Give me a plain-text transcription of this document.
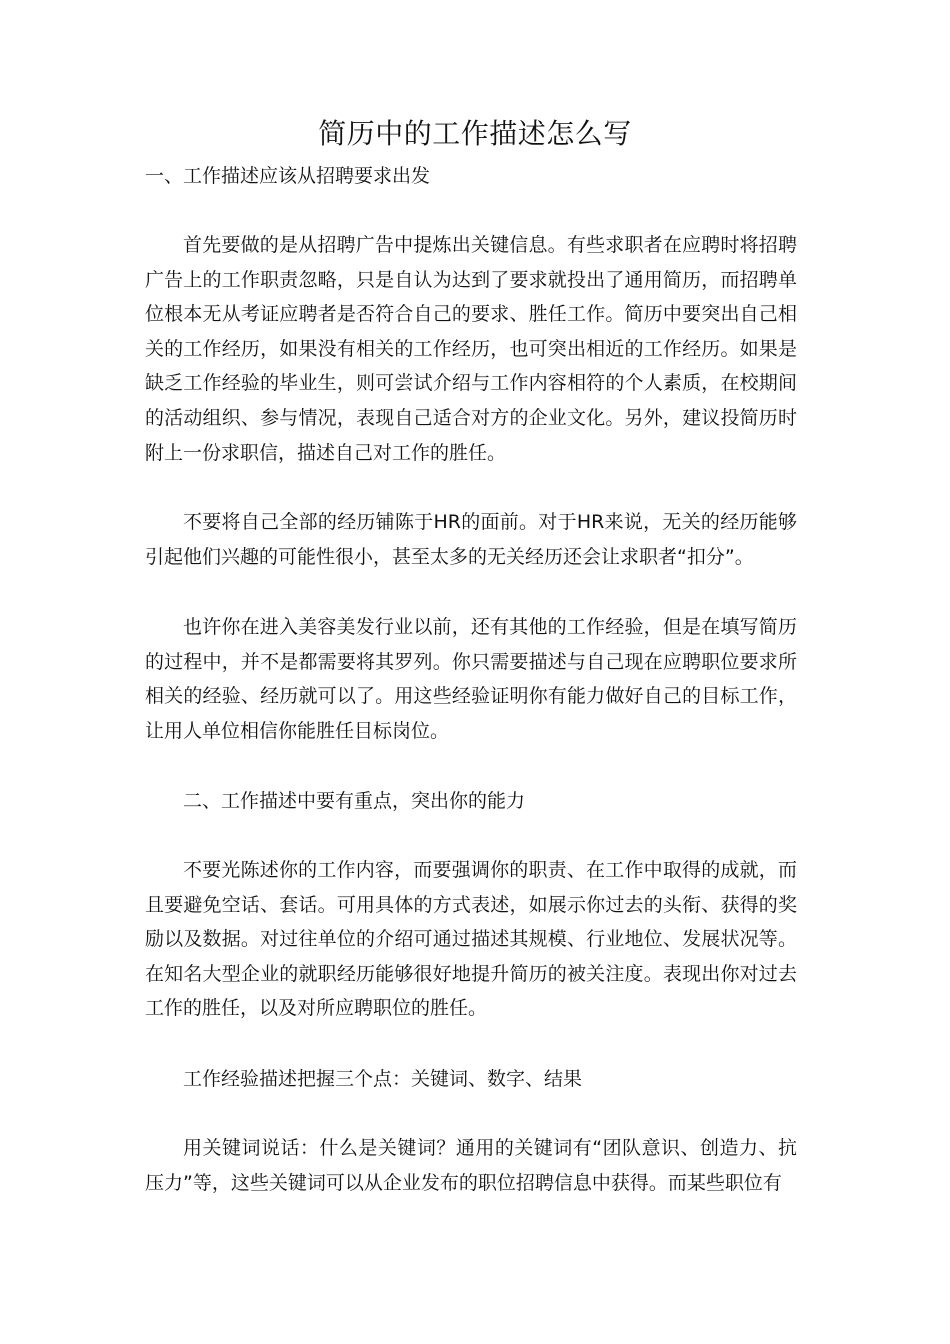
简历中的工作描述怎么写
一、工作描述应该从招聘要求出发
首先要做的是从招聘广告中提炼出关键信息。有些求职者在应聘时将招聘广告上的工作职责忽略，只是自认为达到了要求就投出了通用简历，而招聘单位根本无从考证应聘者是否符合自己的要求、胜任工作。简历中要突出自己相关的工作经历，如果没有相关的工作经历，也可突出相近的工作经历。如果是缺乏工作经验的毕业生，则可尝试介绍与工作内容相符的个人素质，在校期间的活动组织、参与情况，表现自己适合对方的企业文化。另外，建议投简历时附上一份求职信，描述自己对工作的胜任。
不要将自己全部的经历铺陈于HR的面前。对于HR来说，无关的经历能够引起他们兴趣的可能性很小，甚至太多的无关经历还会让求职者“扣分”。
也许你在进入美容美发行业以前，还有其他的工作经验，但是在填写简历的过程中，并不是都需要将其罗列。你只需要描述与自己现在应聘职位要求所相关的经验、经历就可以了。用这些经验证明你有能力做好自己的目标工作，让用人单位相信你能胜任目标岗位。
二、工作描述中要有重点，突出你的能力
不要光陈述你的工作内容，而要强调你的职责、在工作中取得的成就，而且要避免空话、套话。可用具体的方式表述，如展示你过去的头衔、获得的奖励以及数据。对过往单位的介绍可通过描述其规模、行业地位、发展状况等。在知名大型企业的就职经历能够很好地提升简历的被关注度。表现出你对过去工作的胜任，以及对所应聘职位的胜任。
工作经验描述把握三个点：关键词、数字、结果
用关键词说话：什么是关键词？通用的关键词有“团队意识、创造力、抗压力”等，这些关键词可以从企业发布的职位招聘信息中获得。而某些职位有
